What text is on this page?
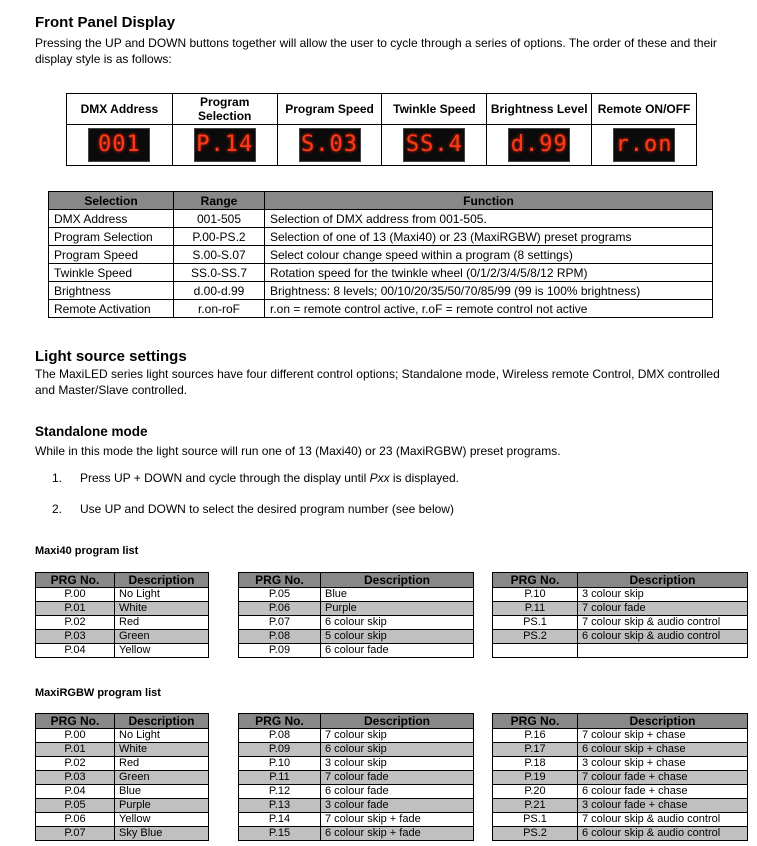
Front Panel Display

Pressing the UP and DOWN buttons together will allow the user to cycle through a series of options. The order of these and their display style is as follows:

DMX Address	Program Selection	Program Speed	Twinkle Speed	Brightness Level	Remote ON/OFF
001	P.14	S.03	SS.4	d.99	r.on
Selection	Range	Function
DMX Address	001-505	Selection of DMX address from 001-505.
Program Selection	P.00-PS.2	Selection of one of 13 (Maxi40) or 23 (MaxiRGBW) preset programs
Program Speed	S.00-S.07	Select colour change speed within a program (8 settings)
Twinkle Speed	SS.0-SS.7	Rotation speed for the twinkle wheel (0/1/2/3/4/5/8/12 RPM)
Brightness	d.00-d.99	Brightness: 8 levels; 00/10/20/35/50/70/85/99 (99 is 100% brightness)
Remote Activation	r.on-roF	r.on = remote control active, r.oF = remote control not active
Light source settings

The MaxiLED series light sources have four different control options; Standalone mode, Wireless remote Control, DMX controlled and Master/Slave controlled.

Standalone mode

While in this mode the light source will run one of 13 (Maxi40) or 23 (MaxiRGBW) preset programs.

1. Press UP + DOWN and cycle through the display until Pxx is displayed.
2. Use UP and DOWN to select the desired program number (see below)
Maxi40 program list
PRG No.	Description
P.00	No Light
P.01	White
P.02	Red
P.03	Green
P.04	Yellow
PRG No.	Description
P.05	Blue
P.06	Purple
P.07	6 colour skip
P.08	5 colour skip
P.09	6 colour fade
PRG No.	Description
P.10	3 colour skip
P.11	7 colour fade
PS.1	7 colour skip & audio control
PS.2	6 colour skip & audio control

MaxiRGBW program list
PRG No.	Description
P.00	No Light
P.01	White
P.02	Red
P.03	Green
P.04	Blue
P.05	Purple
P.06	Yellow
P.07	Sky Blue
PRG No.	Description
P.08	7 colour skip
P.09	6 colour skip
P.10	3 colour skip
P.11	7 colour fade
P.12	6 colour fade
P.13	3 colour fade
P.14	7 colour skip + fade
P.15	6 colour skip + fade
PRG No.	Description
P.16	7 colour skip + chase
P.17	6 colour skip + chase
P.18	3 colour skip + chase
P.19	7 colour fade + chase
P.20	6 colour fade + chase
P.21	3 colour fade + chase
PS.1	7 colour skip & audio control
PS.2	6 colour skip & audio control
